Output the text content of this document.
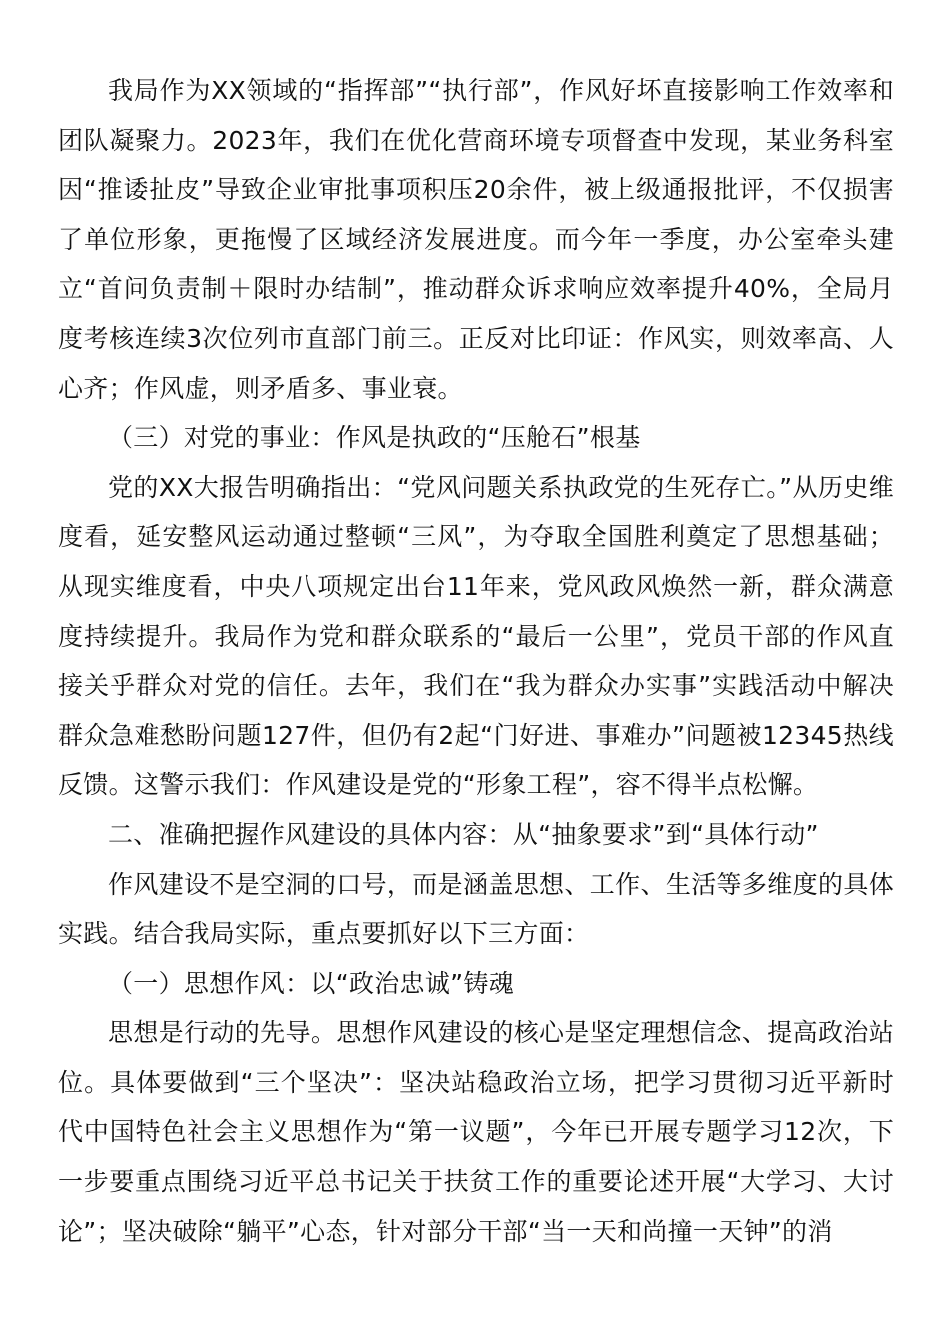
我局作为XX领域的“指挥部”“执行部”，作风好坏直接影响工作效率和团队凝聚力。2023年，我们在优化营商环境专项督查中发现，某业务科室因“推诿扯皮”导致企业审批事项积压20余件，被上级通报批评，不仅损害了单位形象，更拖慢了区域经济发展进度。而今年一季度，办公室牵头建立“首问负责制＋限时办结制”，推动群众诉求响应效率提升40%，全局月度考核连续3次位列市直部门前三。正反对比印证：作风实，则效率高、人心齐；作风虚，则矛盾多、事业衰。

（三）对党的事业：作风是执政的“压舱石”根基

党的XX大报告明确指出：“党风问题关系执政党的生死存亡。”从历史维度看，延安整风运动通过整顿“三风”，为夺取全国胜利奠定了思想基础；从现实维度看，中央八项规定出台11年来，党风政风焕然一新，群众满意度持续提升。我局作为党和群众联系的“最后一公里”，党员干部的作风直接关乎群众对党的信任。去年，我们在“我为群众办实事”实践活动中解决群众急难愁盼问题127件，但仍有2起“门好进、事难办”问题被12345热线反馈。这警示我们：作风建设是党的“形象工程”，容不得半点松懈。

二、准确把握作风建设的具体内容：从“抽象要求”到“具体行动”

作风建设不是空洞的口号，而是涵盖思想、工作、生活等多维度的具体实践。结合我局实际，重点要抓好以下三方面：

（一）思想作风：以“政治忠诚”铸魂

思想是行动的先导。思想作风建设的核心是坚定理想信念、提高政治站位。具体要做到“三个坚决”：坚决站稳政治立场，把学习贯彻习近平新时代中国特色社会主义思想作为“第一议题”，今年已开展专题学习12次，下一步要重点围绕习近平总书记关于扶贫工作的重要论述开展“大学习、大讨论”；坚决破除“躺平”心态，针对部分干部“当一天和尚撞一天钟”的消
